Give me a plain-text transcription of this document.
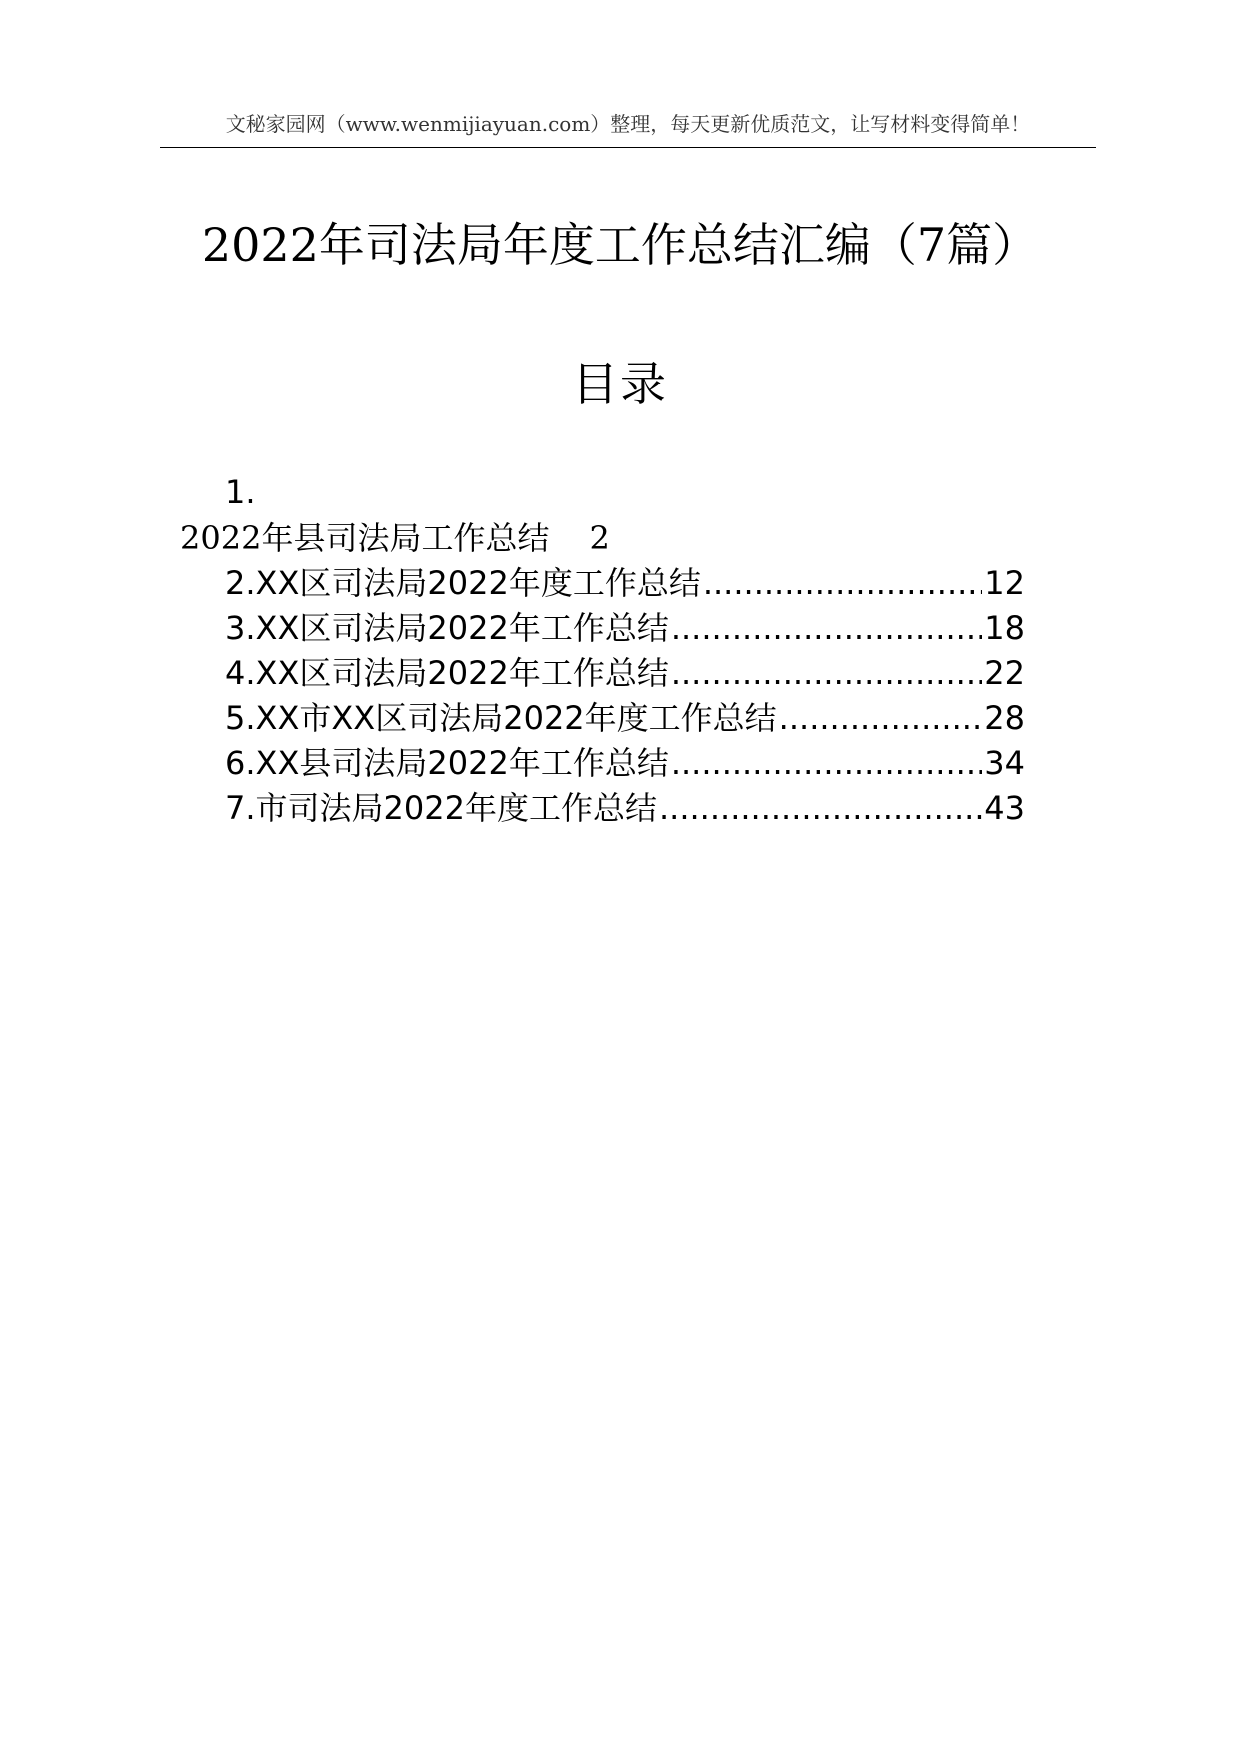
文秘家园网（www.wenmijiayuan.com）整理，每天更新优质范文，让写材料变得简单！
2022年司法局年度工作总结汇编（7篇）
目录
1.
2022年县司法局工作总结 2
2.XX区司法局2022年度工作总结 .....	12
3.XX区司法局2022年工作总结 .....	18
4.XX区司法局2022年工作总结 .....	22
5.XX市XX区司法局2022年度工作总结 .....	28
6.XX县司法局2022年工作总结 .....	34
7.市司法局2022年度工作总结 .....	43
